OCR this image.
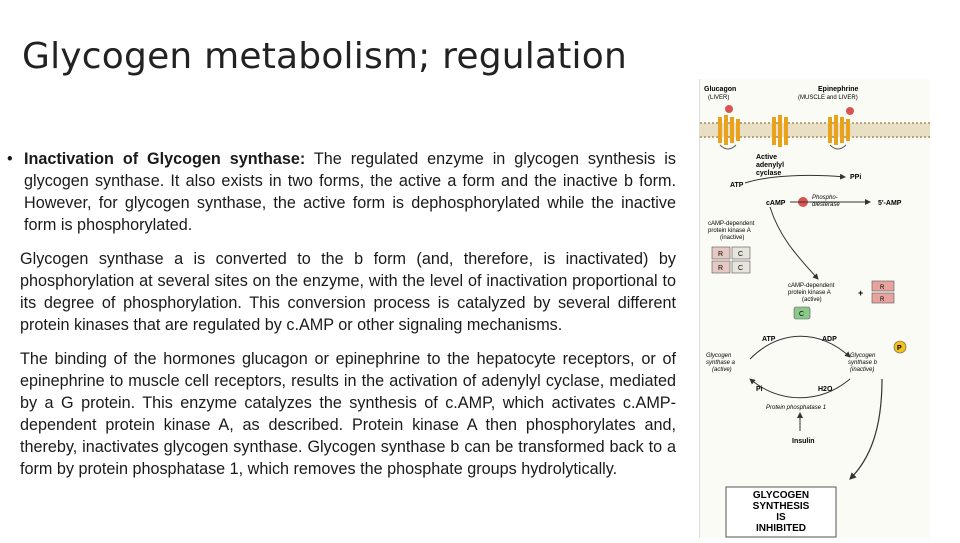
Glycogen metabolism; regulation

• Inactivation of Glycogen synthase: The regulated enzyme in glycogen synthesis is glycogen synthase. It also exists in two forms, the active a form and the inactive b form. However, for glycogen synthase, the active form is dephosphorylated while the inactive form is phosphorylated.

Glycogen synthase a is converted to the b form (and, therefore, is inactivated) by phosphorylation at several sites on the enzyme, with the level of inactivation proportional to its degree of phosphorylation. This conversion process is catalyzed by several different protein kinases that are regulated by c.AMP or other signaling mechanisms.

The binding of the hormones glucagon or epinephrine to the hepatocyte receptors, or of epinephrine to muscle cell receptors, results in the activation of adenylyl cyclase, mediated by a G protein. This enzyme catalyzes the synthesis of c.AMP, which activates c.AMP-dependent protein kinase A, as described. Protein kinase A then phosphorylates and, thereby, inactivates glycogen synthase. Glycogen synthase b can be transformed back to a form by protein phosphatase 1, which removes the phosphate groups hydrolytically.

Glucagon
(LIVER)
Epinephrine
(MUSCLE and LIVER)
Active
adenylyl
cyclase
PPi
ATP
cAMP
Phospho-
diesterase	5'-AMP
cAMP-dependent
protein kinase A
(inactive)
R C
R C
cAMP-dependent
protein kinase A
(active)
+	R
R
C
ATP	ADP
P
Glycogen
synthase a
(active)
Glycogen
synthase b
(inactive)
Pi	H2O
Protein phosphatase 1
Insulin
GLYCOGEN
SYNTHESIS
IS
INHIBITED
